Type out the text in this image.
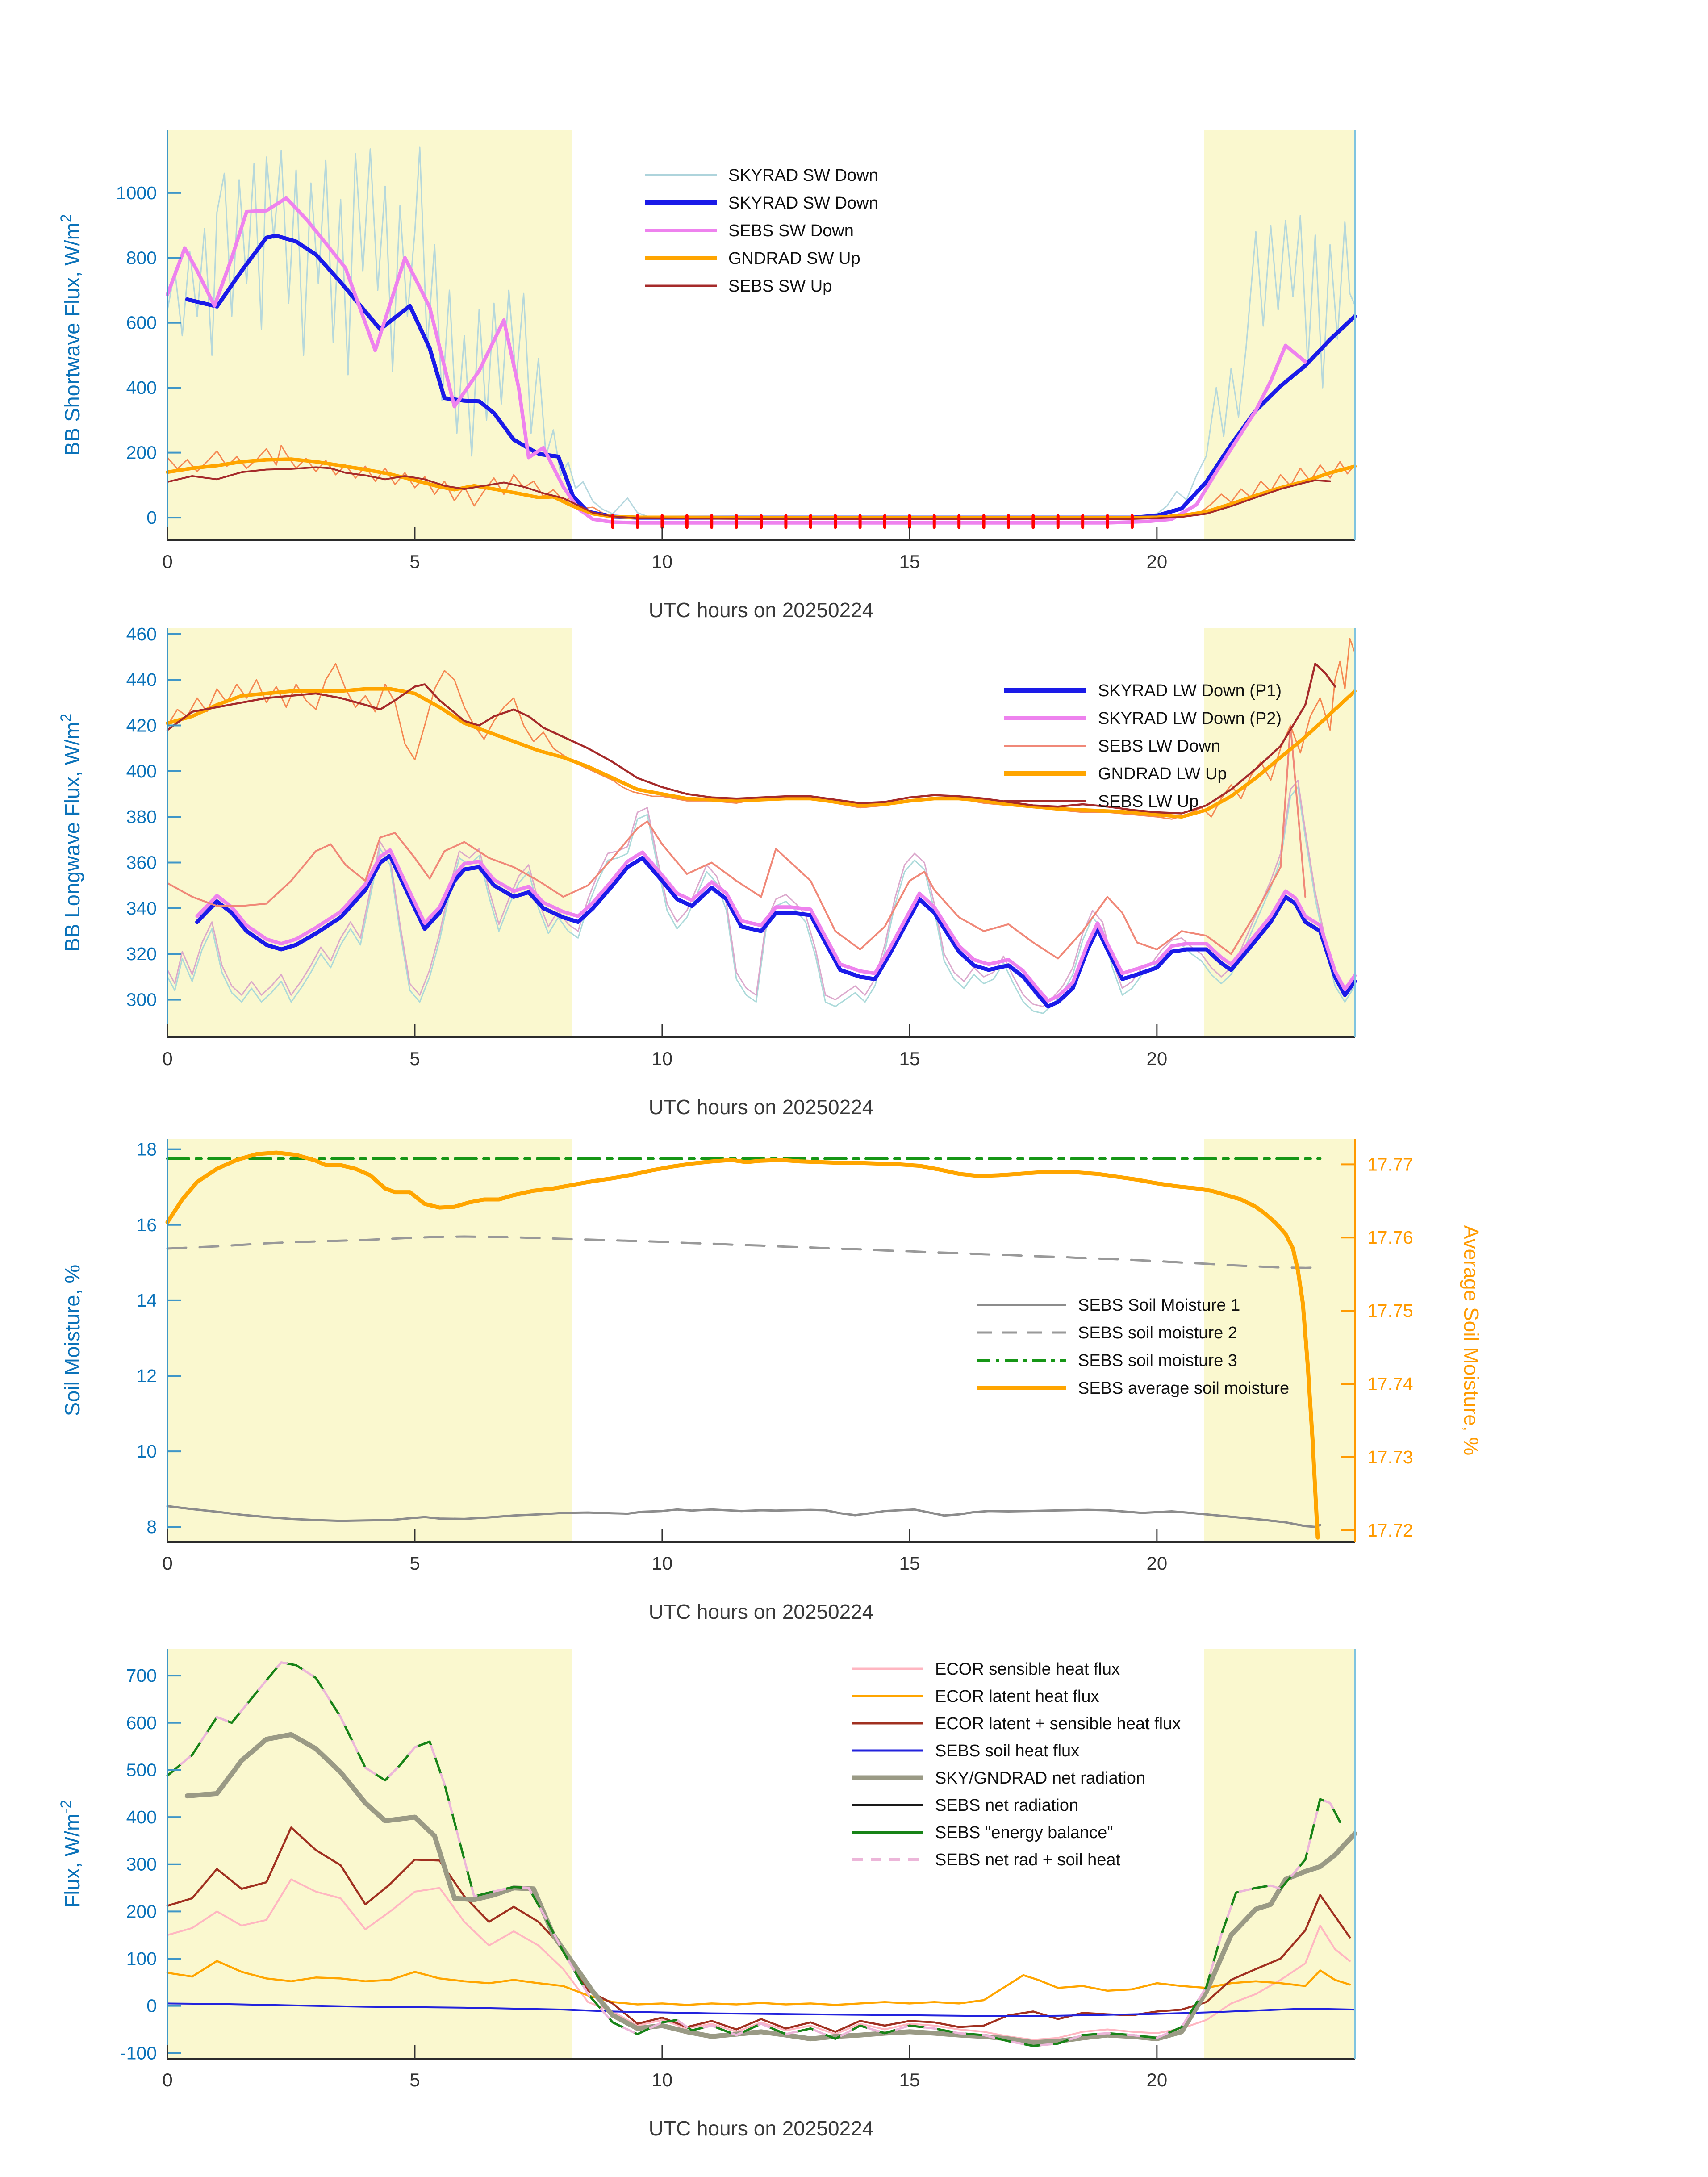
0
200
400
600
800
1000
0	5	10	15	20
UTC hours on 20250224
BB Shortwave Flux, $W/m^2$
SKYRAD SW Down
SKYRAD SW Down
SEBS SW Down
GNDRAD SW Up
SEBS SW Up
300
320
340
360
380
400
420
440
460
0	5	10	15	20
UTC hours on 20250224
BB Longwave Flux, $W/m^2$
SKYRAD LW Down (P1)
SKYRAD LW Down (P2)
SEBS LW Down
GNDRAD LW Up
SEBS LW Up
8
10
12
14
16
18
17.72
17.73
17.74
17.75
17.76
17.77
Average Soil Moisture, %
0	5	10	15	20
UTC hours on 20250224
Soil Moisture, %	SEBS Soil Moisture 1
SEBS soil moisture 2
SEBS soil moisture 3
SEBS average soil moisture
-100
0
100
200
300
400
500
600
700
0	5	10	15	20
UTC hours on 20250224
Flux, $W/m^{-2}$
ECOR sensible heat flux
ECOR latent heat flux
ECOR latent + sensible heat flux
SEBS soil heat flux
SKY/GNDRAD net radiation
SEBS net radiation
SEBS "energy balance"
SEBS net rad + soil heat
